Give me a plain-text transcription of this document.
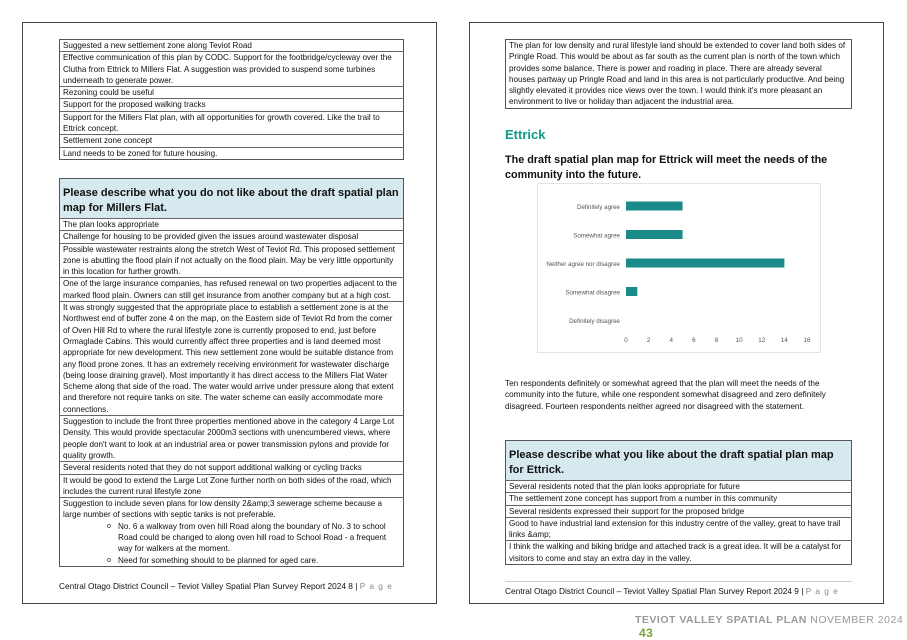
Suggested a new settlement zone along Teviot Road
Effective communication of this plan by CODC. Support for the footbridge/cycleway over the Clutha from Ettrick to Millers Flat. A suggestion was provided to suspend some turbines underneath to generate power.
Rezoning could be useful
Support for the proposed walking tracks
Support for the Millers Flat plan, with all opportunities for growth covered. Like the trail to Ettrick concept.
Settlement zone concept
Land needs to be zoned for future housing.
Please describe what you do not like about the draft spatial plan map for Millers Flat.
The plan looks appropriate
Challenge for housing to be provided given the issues around wastewater disposal
Possible wastewater restraints along the stretch West of Teviot Rd. This proposed settlement zone is abutting the flood plain if not actually on the flood plain. May be very little opportunity in this location for further growth.
One of the large insurance companies, has refused renewal on two properties adjacent to the marked flood plain. Owners can still get insurance from another company but at a high cost.
It was strongly suggested that the appropriate place to establish a settlement zone is at the Northwest end of buffer zone 4 on the map, on the Eastern side of Teviot Rd from the corner of Oven Hill Rd to where the rural lifestyle zone is currently proposed to end, just before Ormaglade Cabins. This would currently affect three properties and is land deemed most appropriate for new development. This new settlement zone would be suitable distance from any flood prone zones. It has an extremely receiving environment for wastewater discharge (being loose draining gravel). Most importantly it has direct access to the Millers Flat Water Scheme along that side of the road. The water would arrive under pressure along that extent and therefore not require tanks on site. The water scheme can easily accommodate more connections.
Suggestion to include the front three properties mentioned above in the category 4 Large Lot Density. This would provide spectacular 2000m3 sections with unencumbered views, where people don't want to look at an industrial area or power transmission pylons and provide for quality growth.
Several residents noted that they do not support additional walking or cycling tracks
It would be good to extend the Large Lot Zone further north on both sides of the road, which includes the current rural lifestyle zone
Suggestion to include seven plans for low density 2&amp;3 sewerage scheme because a large number of sections with septic tanks is not preferable.
o No. 6 a walkway from oven hill Road along the boundary of No. 3 to school Road could be changed to along oven hill road to School Road - a frequent way for walkers at the moment.
o Need for something should to be planned for aged care.
Central Otago District Council – Teviot Valley Spatial Plan Survey Report 2024 8 | P a g e
The plan for low density and rural lifestyle land should be extended to cover land both sides of Pringle Road. This would be about as far south as the current plan is north of the town which provides some balance. There is power and roading in place. There are already several houses partway up Pringle Road and land in this area is not particularly productive. And being slightly elevated it provides nice views over the town. I would think it's more pleasant an environment to live or holiday than adjacent the industrial area.
Ettrick

The draft spatial plan map for Ettrick will meet the needs of the community into the future.

Definitely agree
Somewhat agree
Neither agree nor disagree
Somewhat disagree
Definitely disagree
0	2	4	6	8	10	12	14	16

Ten respondents definitely or somewhat agreed that the plan will meet the needs of the community into the future, while one respondent somewhat disagreed and zero definitely disagreed. Fourteen respondents neither agreed nor disagreed with the statement.

Please describe what you like about the draft spatial plan map for Ettrick.
Several residents noted that the plan looks appropriate for future
The settlement zone concept has support from a number in this community
Several residents expressed their support for the proposed bridge
Good to have industrial land extension for this industry centre of the valley, great to have trail links &amp;
I think the walking and biking bridge and attached track is a great idea. It will be a catalyst for visitors to come and stay an extra day in the valley.
Central Otago District Council – Teviot Valley Spatial Plan Survey Report 2024 9 | P a g e
TEVIOT VALLEY SPATIAL PLAN NOVEMBER 2024 43
